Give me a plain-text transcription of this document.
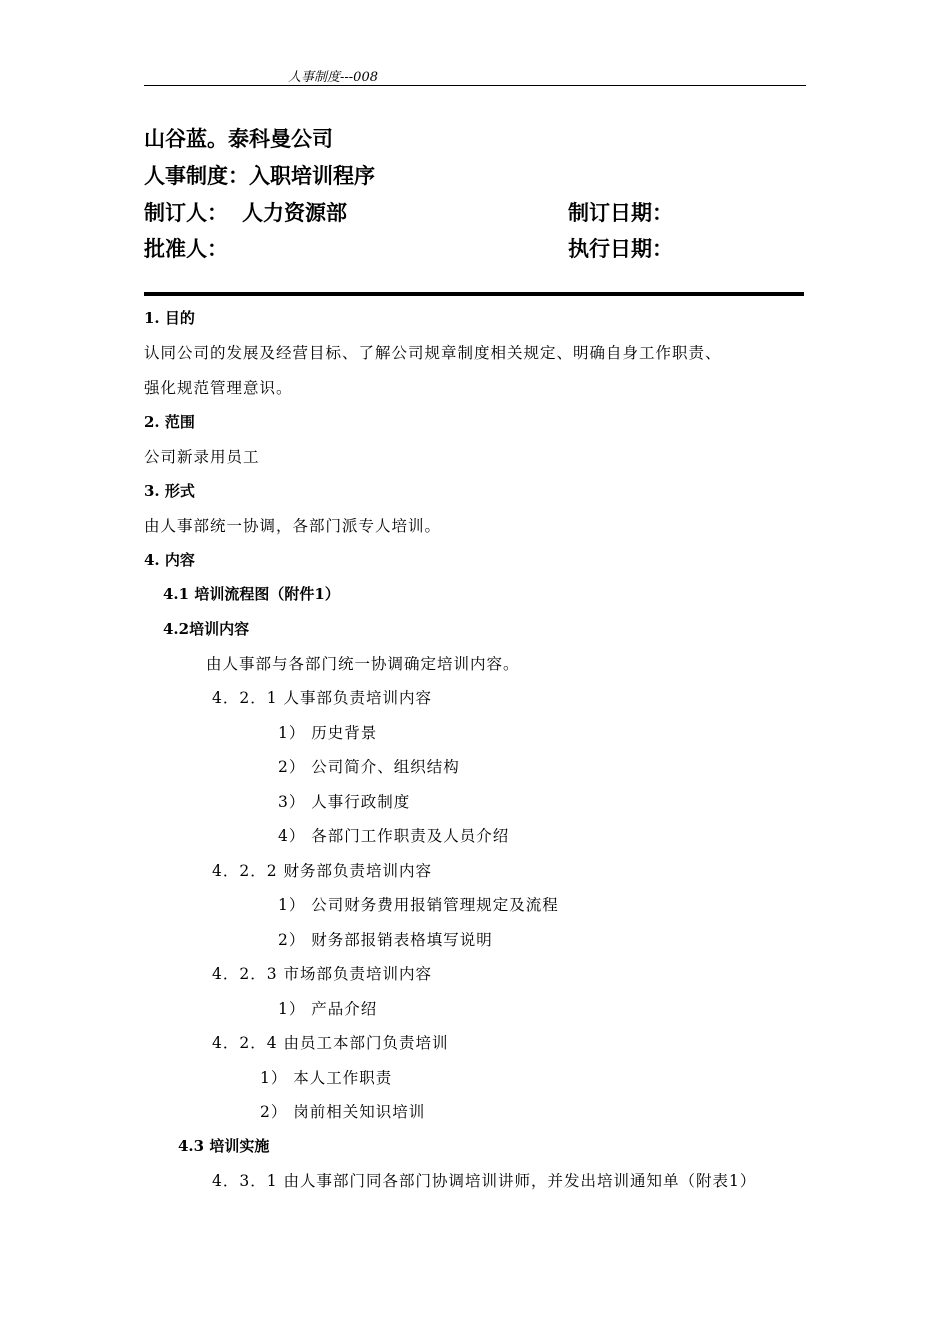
人事制度---008
山谷蓝。泰科曼公司
人事制度：入职培训程序
制订人： 人力资源部	制订日期：
批准人：	执行日期：
1. 目的
认同公司的发展及经营目标、了解公司规章制度相关规定、明确自身工作职责、
强化规范管理意识。
2. 范围
公司新录用员工
3. 形式
由人事部统一协调，各部门派专人培训。
4. 内容
4.1 培训流程图（附件1）
4.2培训内容
由人事部与各部门统一协调确定培训内容。
4．2．1 人事部负责培训内容
1） 历史背景
2） 公司简介、组织结构
3） 人事行政制度
4） 各部门工作职责及人员介绍
4．2．2 财务部负责培训内容
1） 公司财务费用报销管理规定及流程
2） 财务部报销表格填写说明
4．2．3 市场部负责培训内容
1） 产品介绍
4．2．4 由员工本部门负责培训
1） 本人工作职责
2） 岗前相关知识培训
4.3 培训实施
4．3．1 由人事部门同各部门协调培训讲师，并发出培训通知单（附表1）
